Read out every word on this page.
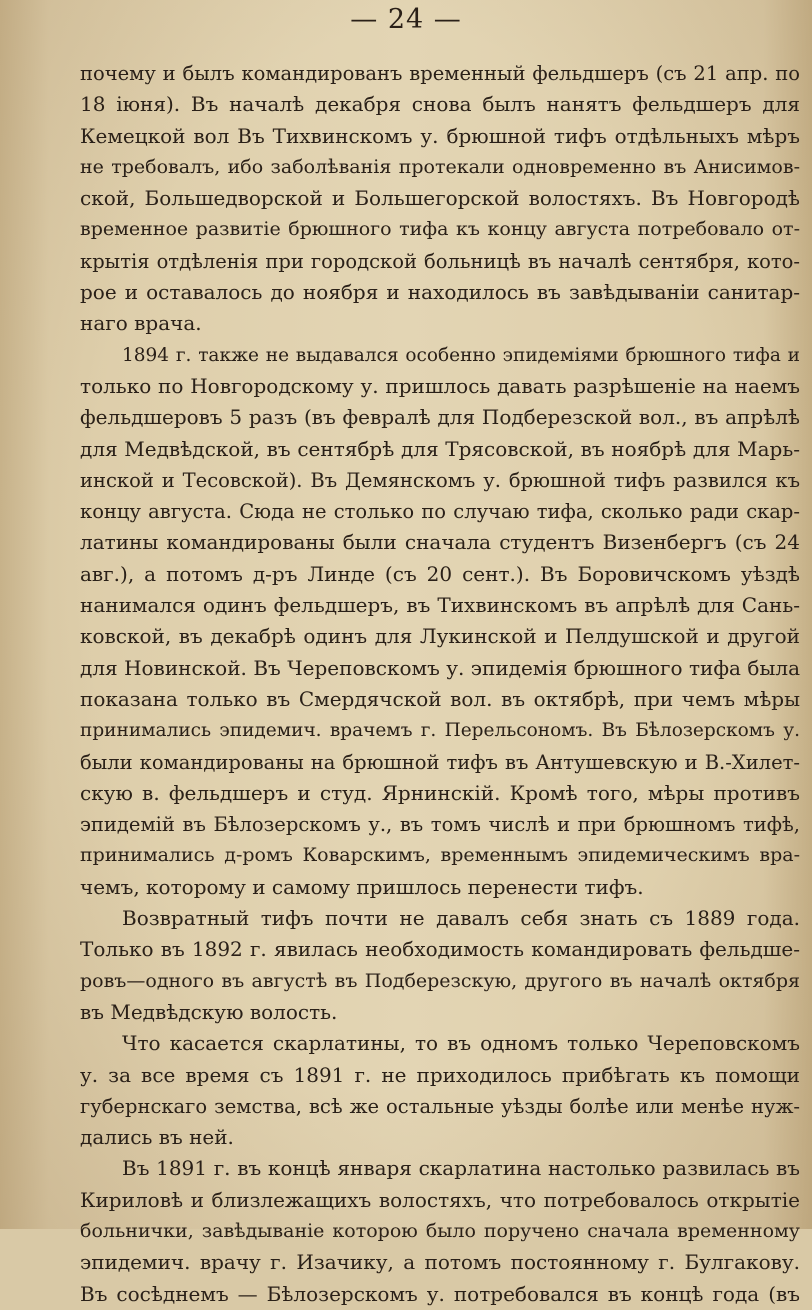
— 24 —
почему и былъ командированъ временный фельдшеръ (съ 21 апр. по
18 іюня). Въ началѣ декабря снова былъ нанятъ фельдшеръ для
Кемецкой вол Въ Тихвинскомъ у. брюшной тифъ отдѣльныхъ мѣръ
не требовалъ, ибо заболѣванія протекали одновременно въ Анисимов-
ской, Большедворской и Большегорской волостяхъ. Въ Новгородѣ
временное развитіе брюшного тифа къ концу августа потребовало от-
крытія отдѣленія при городской больницѣ въ началѣ сентября, кото-
рое и оставалось до ноября и находилось въ завѣдываніи санитар-
наго врача.
1894 г. также не выдавался особенно эпидеміями брюшного тифа и
только по Новгородскому у. пришлось давать разрѣшеніе на наемъ
фельдшеровъ 5 разъ (въ февралѣ для Подберезской вол., въ апрѣлѣ
для Медвѣдской, въ сентябрѣ для Трясовской, въ ноябрѣ для Марь-
инской и Тесовской). Въ Демянскомъ у. брюшной тифъ развился къ
концу августа. Сюда не столько по случаю тифа, сколько ради скар-
латины командированы были сначала студентъ Визенбергъ (съ 24
авг.), а потомъ д-ръ Линде (съ 20 сент.). Въ Боровичскомъ уѣздѣ
нанимался одинъ фельдшеръ, въ Тихвинскомъ въ апрѣлѣ для Сань-
ковской, въ декабрѣ одинъ для Лукинской и Пелдушской и другой
для Новинской. Въ Череповскомъ у. эпидемія брюшного тифа была
показана только въ Смердячской вол. въ октябрѣ, при чемъ мѣры
принимались эпидемич. врачемъ г. Перельсономъ. Въ Бѣлозерскомъ у.
были командированы на брюшной тифъ въ Антушевскую и В.-Хилет-
скую в. фельдшеръ и студ. Ярнинскій. Кромѣ того, мѣры противъ
эпидемій въ Бѣлозерскомъ у., въ томъ числѣ и при брюшномъ тифѣ,
принимались д-ромъ Коварскимъ, временнымъ эпидемическимъ вра-
чемъ, которому и самому пришлось перенести тифъ.
Возвратный тифъ почти не давалъ себя знать съ 1889 года.
Только въ 1892 г. явилась необходимость командировать фельдше-
ровъ—одного въ августѣ въ Подберезскую, другого въ началѣ октября
въ Медвѣдскую волость.
Что касается скарлатины, то въ одномъ только Череповскомъ
у. за все время съ 1891 г. не приходилось прибѣгать къ помощи
губернскаго земства, всѣ же остальные уѣзды болѣе или менѣе нуж-
дались въ ней.
Въ 1891 г. въ концѣ января скарлатина настолько развилась въ
Кириловѣ и близлежащихъ волостяхъ, что потребовалось открытіе
больнички, завѣдываніе которою было поручено сначала временному
эпидемич. врачу г. Изачику, а потомъ постоянному г. Булгакову.
Въ сосѣднемъ — Бѣлозерскомъ у. потребовался въ концѣ года (въ
